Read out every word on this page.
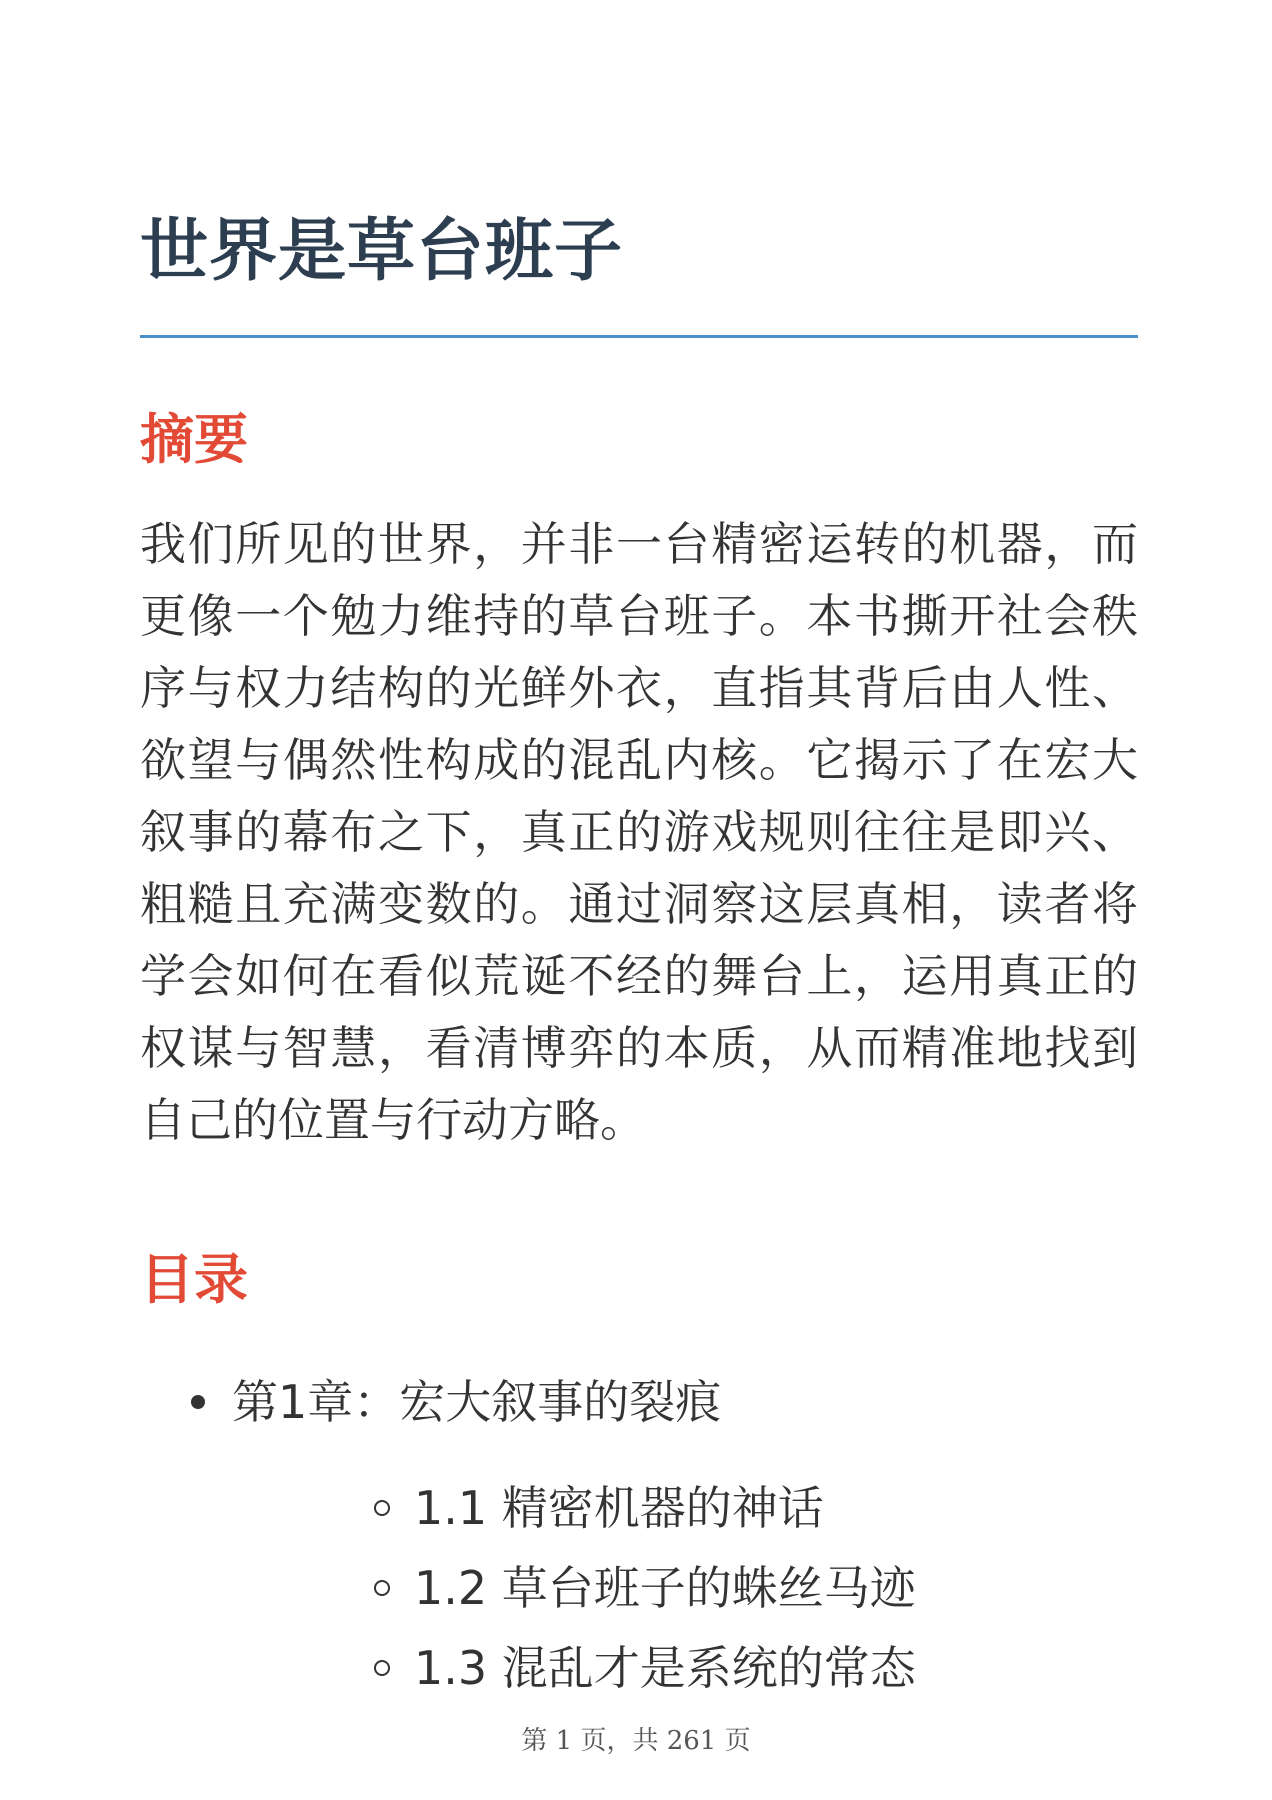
世界是草台班子
摘要

我们所见的世界，并非一台精密运转的机器，而更像一个勉力维持的草台班子。本书撕开社会秩序与权力结构的光鲜外衣，直指其背后由人性、欲望与偶然性构成的混乱内核。它揭示了在宏大叙事的幕布之下，真正的游戏规则往往是即兴、粗糙且充满变数的。通过洞察这层真相，读者将学会如何在看似荒诞不经的舞台上，运用真正的权谋与智慧，看清博弈的本质，从而精准地找到自己的位置与行动方略。

目录
第1章：宏大叙事的裂痕
1.1 精密机器的神话
1.2 草台班子的蛛丝马迹
1.3 混乱才是系统的常态
第 1 页，共 261 页
